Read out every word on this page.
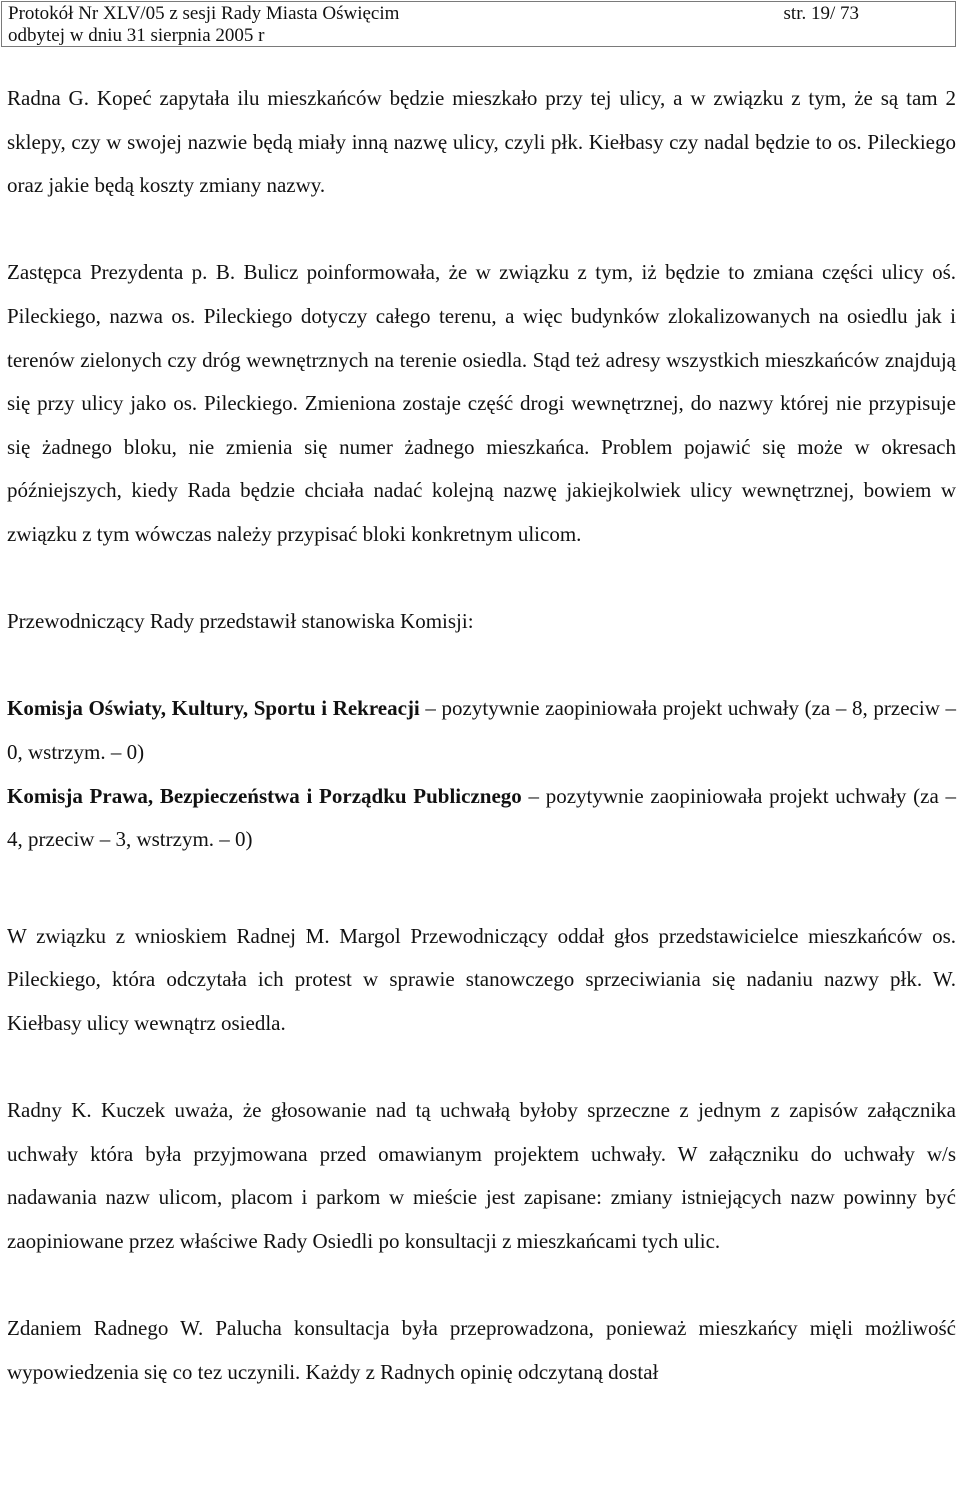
Protokół Nr XLV/05 z sesji Rady Miasta Oświęcim	str. 19/ 73
odbytej w dniu 31 sierpnia 2005 r

Radna G. Kopeć zapytała ilu mieszkańców będzie mieszkało przy tej ulicy, a w związku z tym, że są tam 2 sklepy, czy w swojej nazwie będą miały inną nazwę ulicy, czyli płk. Kiełbasy czy nadal będzie to os. Pileckiego oraz jakie będą koszty zmiany nazwy.

Zastępca Prezydenta p. B. Bulicz poinformowała, że w związku z tym, iż będzie to zmiana części ulicy oś. Pileckiego, nazwa os. Pileckiego dotyczy całego terenu, a więc budynków zlokalizowanych na osiedlu jak i terenów zielonych czy dróg wewnętrznych na terenie osiedla. Stąd też adresy wszystkich mieszkańców znajdują się przy ulicy jako os. Pileckiego. Zmieniona zostaje część drogi wewnętrznej, do nazwy której nie przypisuje się żadnego bloku, nie zmienia się numer żadnego mieszkańca. Problem pojawić się może w okresach późniejszych, kiedy Rada będzie chciała nadać kolejną nazwę jakiejkolwiek ulicy wewnętrznej, bowiem w związku z tym wówczas należy przypisać bloki konkretnym ulicom.

Przewodniczący Rady przedstawił stanowiska Komisji:

Komisja Oświaty, Kultury, Sportu i Rekreacji – pozytywnie zaopiniowała projekt uchwały (za – 8, przeciw – 0, wstrzym. – 0)

Komisja Prawa, Bezpieczeństwa i Porządku Publicznego – pozytywnie zaopiniowała projekt uchwały (za – 4, przeciw – 3, wstrzym. – 0)

W związku z wnioskiem Radnej M. Margol Przewodniczący oddał głos przedstawicielce mieszkańców os. Pileckiego, która odczytała ich protest w sprawie stanowczego sprzeciwiania się nadaniu nazwy płk. W. Kiełbasy ulicy wewnątrz osiedla.

Radny K. Kuczek uważa, że głosowanie nad tą uchwałą byłoby sprzeczne z jednym z zapisów załącznika uchwały która była przyjmowana przed omawianym projektem uchwały. W załączniku do uchwały w/s nadawania nazw ulicom, placom i parkom w mieście jest zapisane: zmiany istniejących nazw powinny być zaopiniowane przez właściwe Rady Osiedli po konsultacji z mieszkańcami tych ulic.

Zdaniem Radnego W. Palucha konsultacja była przeprowadzona, ponieważ mieszkańcy mięli możliwość wypowiedzenia się co tez uczynili. Każdy z Radnych opinię odczytaną dostał
